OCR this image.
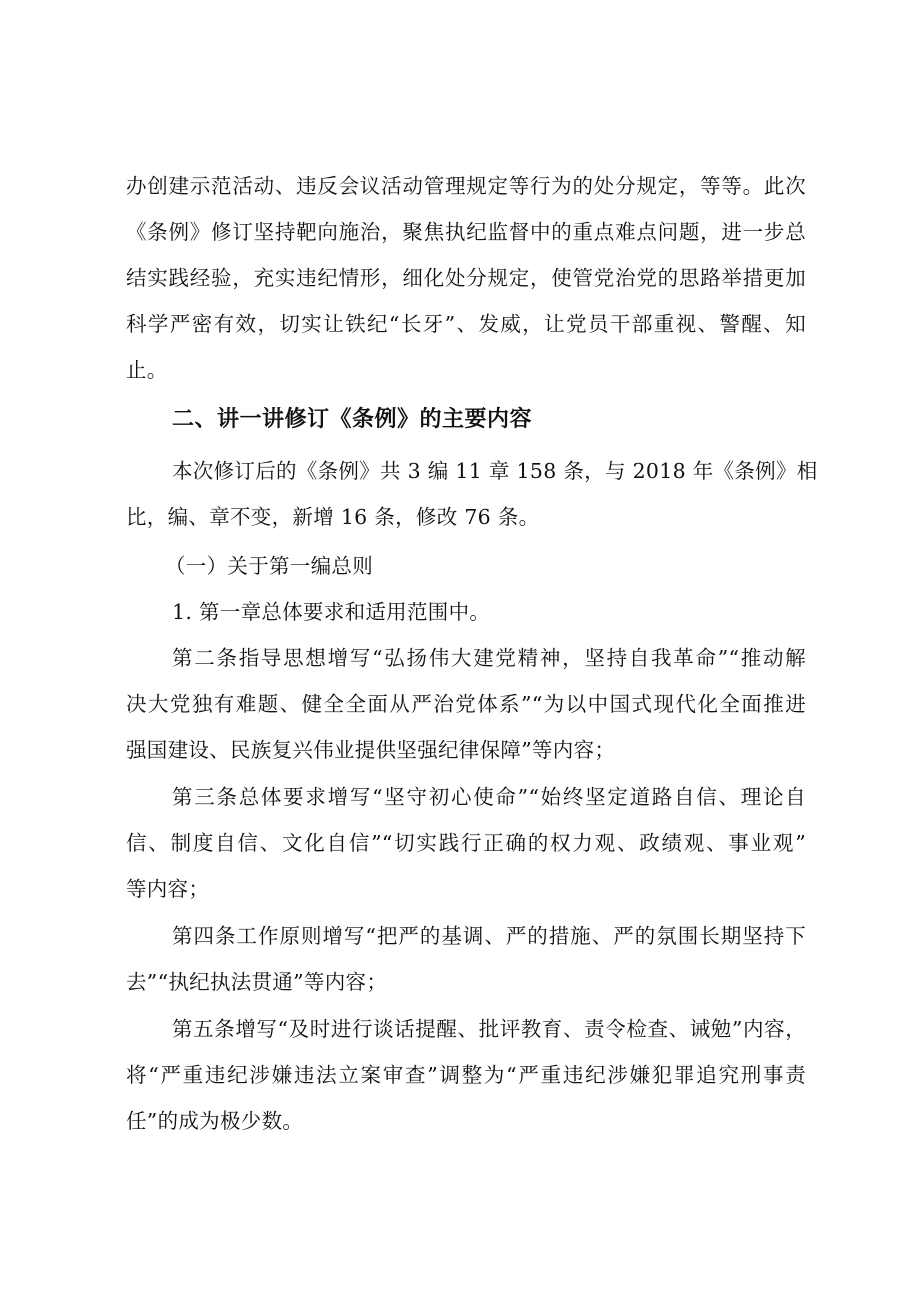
办创建示范活动、违反会议活动管理规定等行为的处分规定，等等。此次
《条例》修订坚持靶向施治，聚焦执纪监督中的重点难点问题，进一步总
结实践经验，充实违纪情形，细化处分规定，使管党治党的思路举措更加
科学严密有效，切实让铁纪“长牙”、发威，让党员干部重视、警醒、知
止。
二、讲一讲修订《条例》的主要内容
本次修订后的《条例》共 3 编 11 章 158 条，与 2018 年《条例》相
比，编、章不变，新增 16 条，修改 76 条。
（一）关于第一编总则
1. 第一章总体要求和适用范围中。
第二条指导思想增写“弘扬伟大建党精神，坚持自我革命”“推动解
决大党独有难题、健全全面从严治党体系”“为以中国式现代化全面推进
强国建设、民族复兴伟业提供坚强纪律保障”等内容；
第三条总体要求增写“坚守初心使命”“始终坚定道路自信、理论自
信、制度自信、文化自信”“切实践行正确的权力观、政绩观、事业观”
等内容；
第四条工作原则增写“把严的基调、严的措施、严的氛围长期坚持下
去”“执纪执法贯通”等内容；
第五条增写“及时进行谈话提醒、批评教育、责令检查、诫勉”内容，
将“严重违纪涉嫌违法立案审查”调整为“严重违纪涉嫌犯罪追究刑事责
任”的成为极少数。
